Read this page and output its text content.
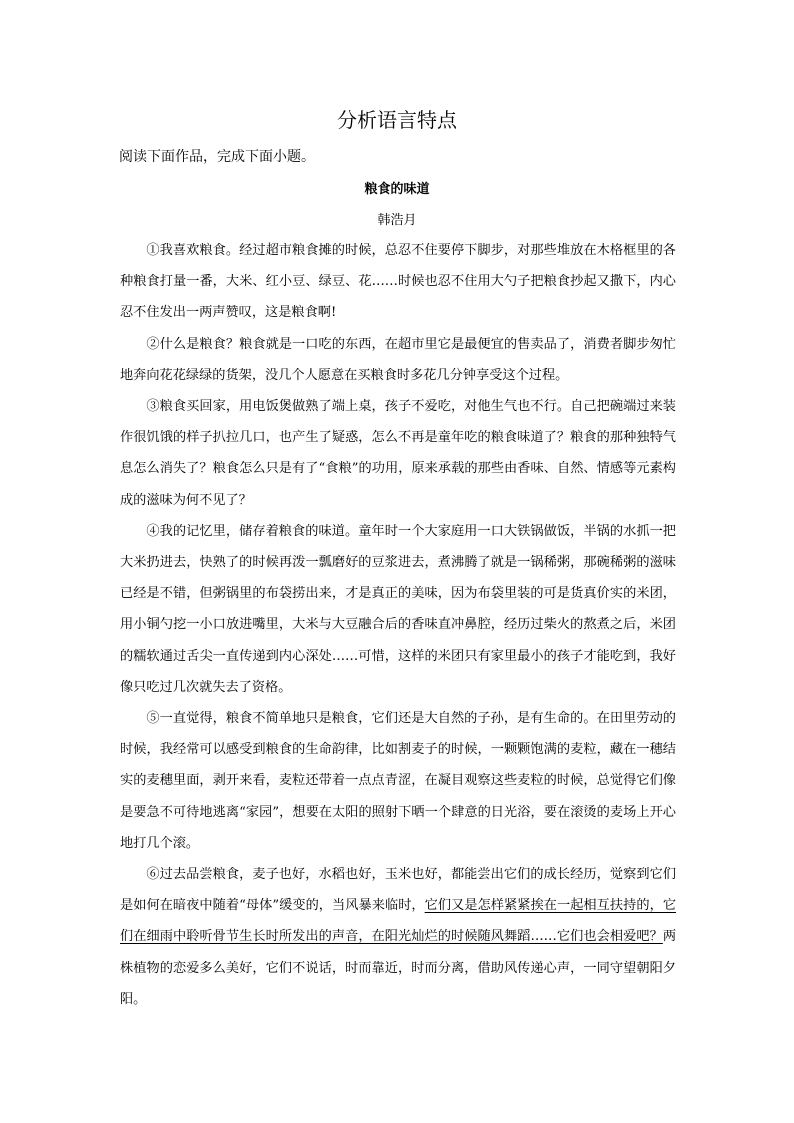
分析语言特点
阅读下面作品，完成下面小题。
粮食的味道
韩浩月

①我喜欢粮食。经过超市粮食摊的时候，总忍不住要停下脚步，对那些堆放在木格框里的各种粮食打量一番，大米、红小豆、绿豆、花……时候也忍不住用大勺子把粮食抄起又撒下，内心忍不住发出一两声赞叹，这是粮食啊!

②什么是粮食？粮食就是一口吃的东西，在超市里它是最便宜的售卖品了，消费者脚步匆忙地奔向花花绿绿的货架，没几个人愿意在买粮食时多花几分钟享受这个过程。

③粮食买回家，用电饭煲做熟了端上桌，孩子不爱吃，对他生气也不行。自己把碗端过来装作很饥饿的样子扒拉几口，也产生了疑惑，怎么不再是童年吃的粮食味道了？粮食的那种独特气息怎么消失了？粮食怎么只是有了“食粮”的功用，原来承载的那些由香味、自然、情感等元素构成的滋味为何不见了？

④我的记忆里，储存着粮食的味道。童年时一个大家庭用一口大铁锅做饭，半锅的水抓一把大米扔进去，快熟了的时候再泼一瓢磨好的豆浆进去，煮沸腾了就是一锅稀粥，那碗稀粥的滋味已经是不错，但粥锅里的布袋捞出来，才是真正的美味，因为布袋里装的可是货真价实的米团，用小铜勺挖一小口放进嘴里，大米与大豆融合后的香味直冲鼻腔，经历过柴火的熬煮之后，米团的糯软通过舌尖一直传递到内心深处……可惜，这样的米团只有家里最小的孩子才能吃到，我好像只吃过几次就失去了资格。

⑤一直觉得，粮食不简单地只是粮食，它们还是大自然的子孙，是有生命的。在田里劳动的时候，我经常可以感受到粮食的生命韵律，比如割麦子的时候，一颗颗饱满的麦粒，藏在一穗结实的麦穗里面，剥开来看，麦粒还带着一点点青涩，在凝目观察这些麦粒的时候，总觉得它们像是要急不可待地逃离“家园”，想要在太阳的照射下晒一个肆意的日光浴，要在滚烫的麦场上开心地打几个滚。

⑥过去品尝粮食，麦子也好，水稻也好，玉米也好，都能尝出它们的成长经历，觉察到它们是如何在暗夜中随着“母体”缓变的，当风暴来临时，它们又是怎样紧紧挨在一起相互扶持的，它们在细雨中聆听骨节生长时所发出的声音，在阳光灿烂的时候随风舞蹈……它们也会相爱吧？两株植物的恋爱多么美好，它们不说话，时而靠近，时而分离，借助风传递心声，一同守望朝阳夕阳。
